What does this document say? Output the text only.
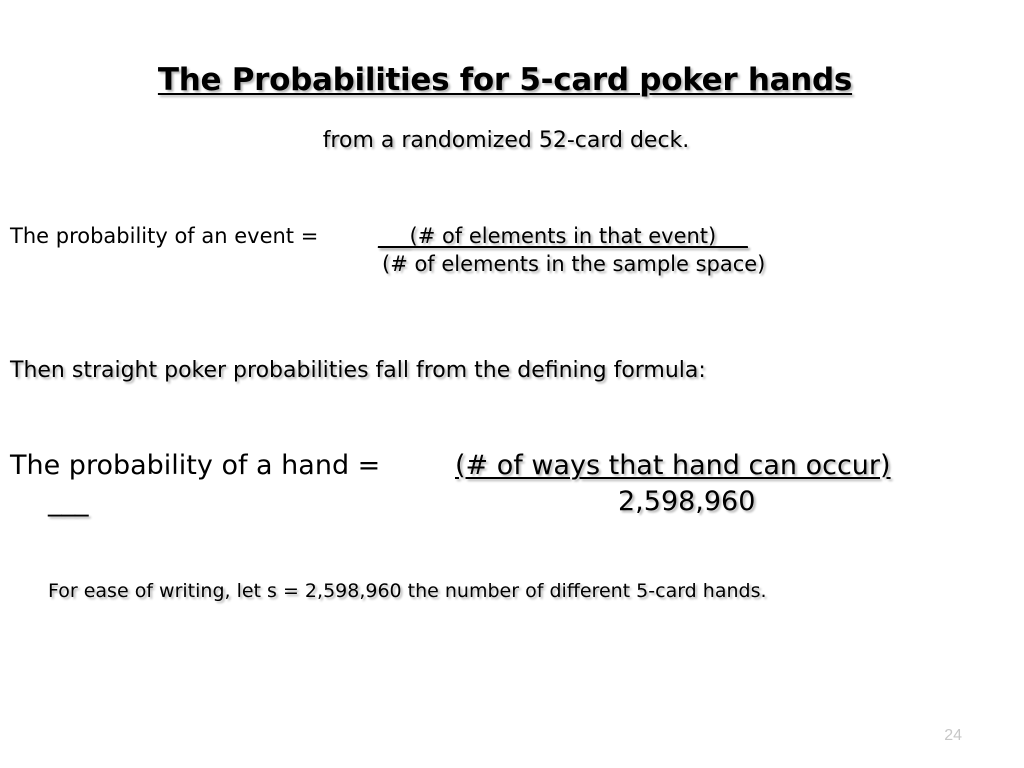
The Probabilities for 5-card poker hands
from a randomized 52-card deck.
The probability of an event =	___(# of elements in that event)___
(# of elements in the sample space)
Then straight poker probabilities fall from the defining formula:
The probability of a hand =	(# of ways that hand can occur)
___	2,598,960
For ease of writing, let s = 2,598,960 the number of different 5-card hands.
24
